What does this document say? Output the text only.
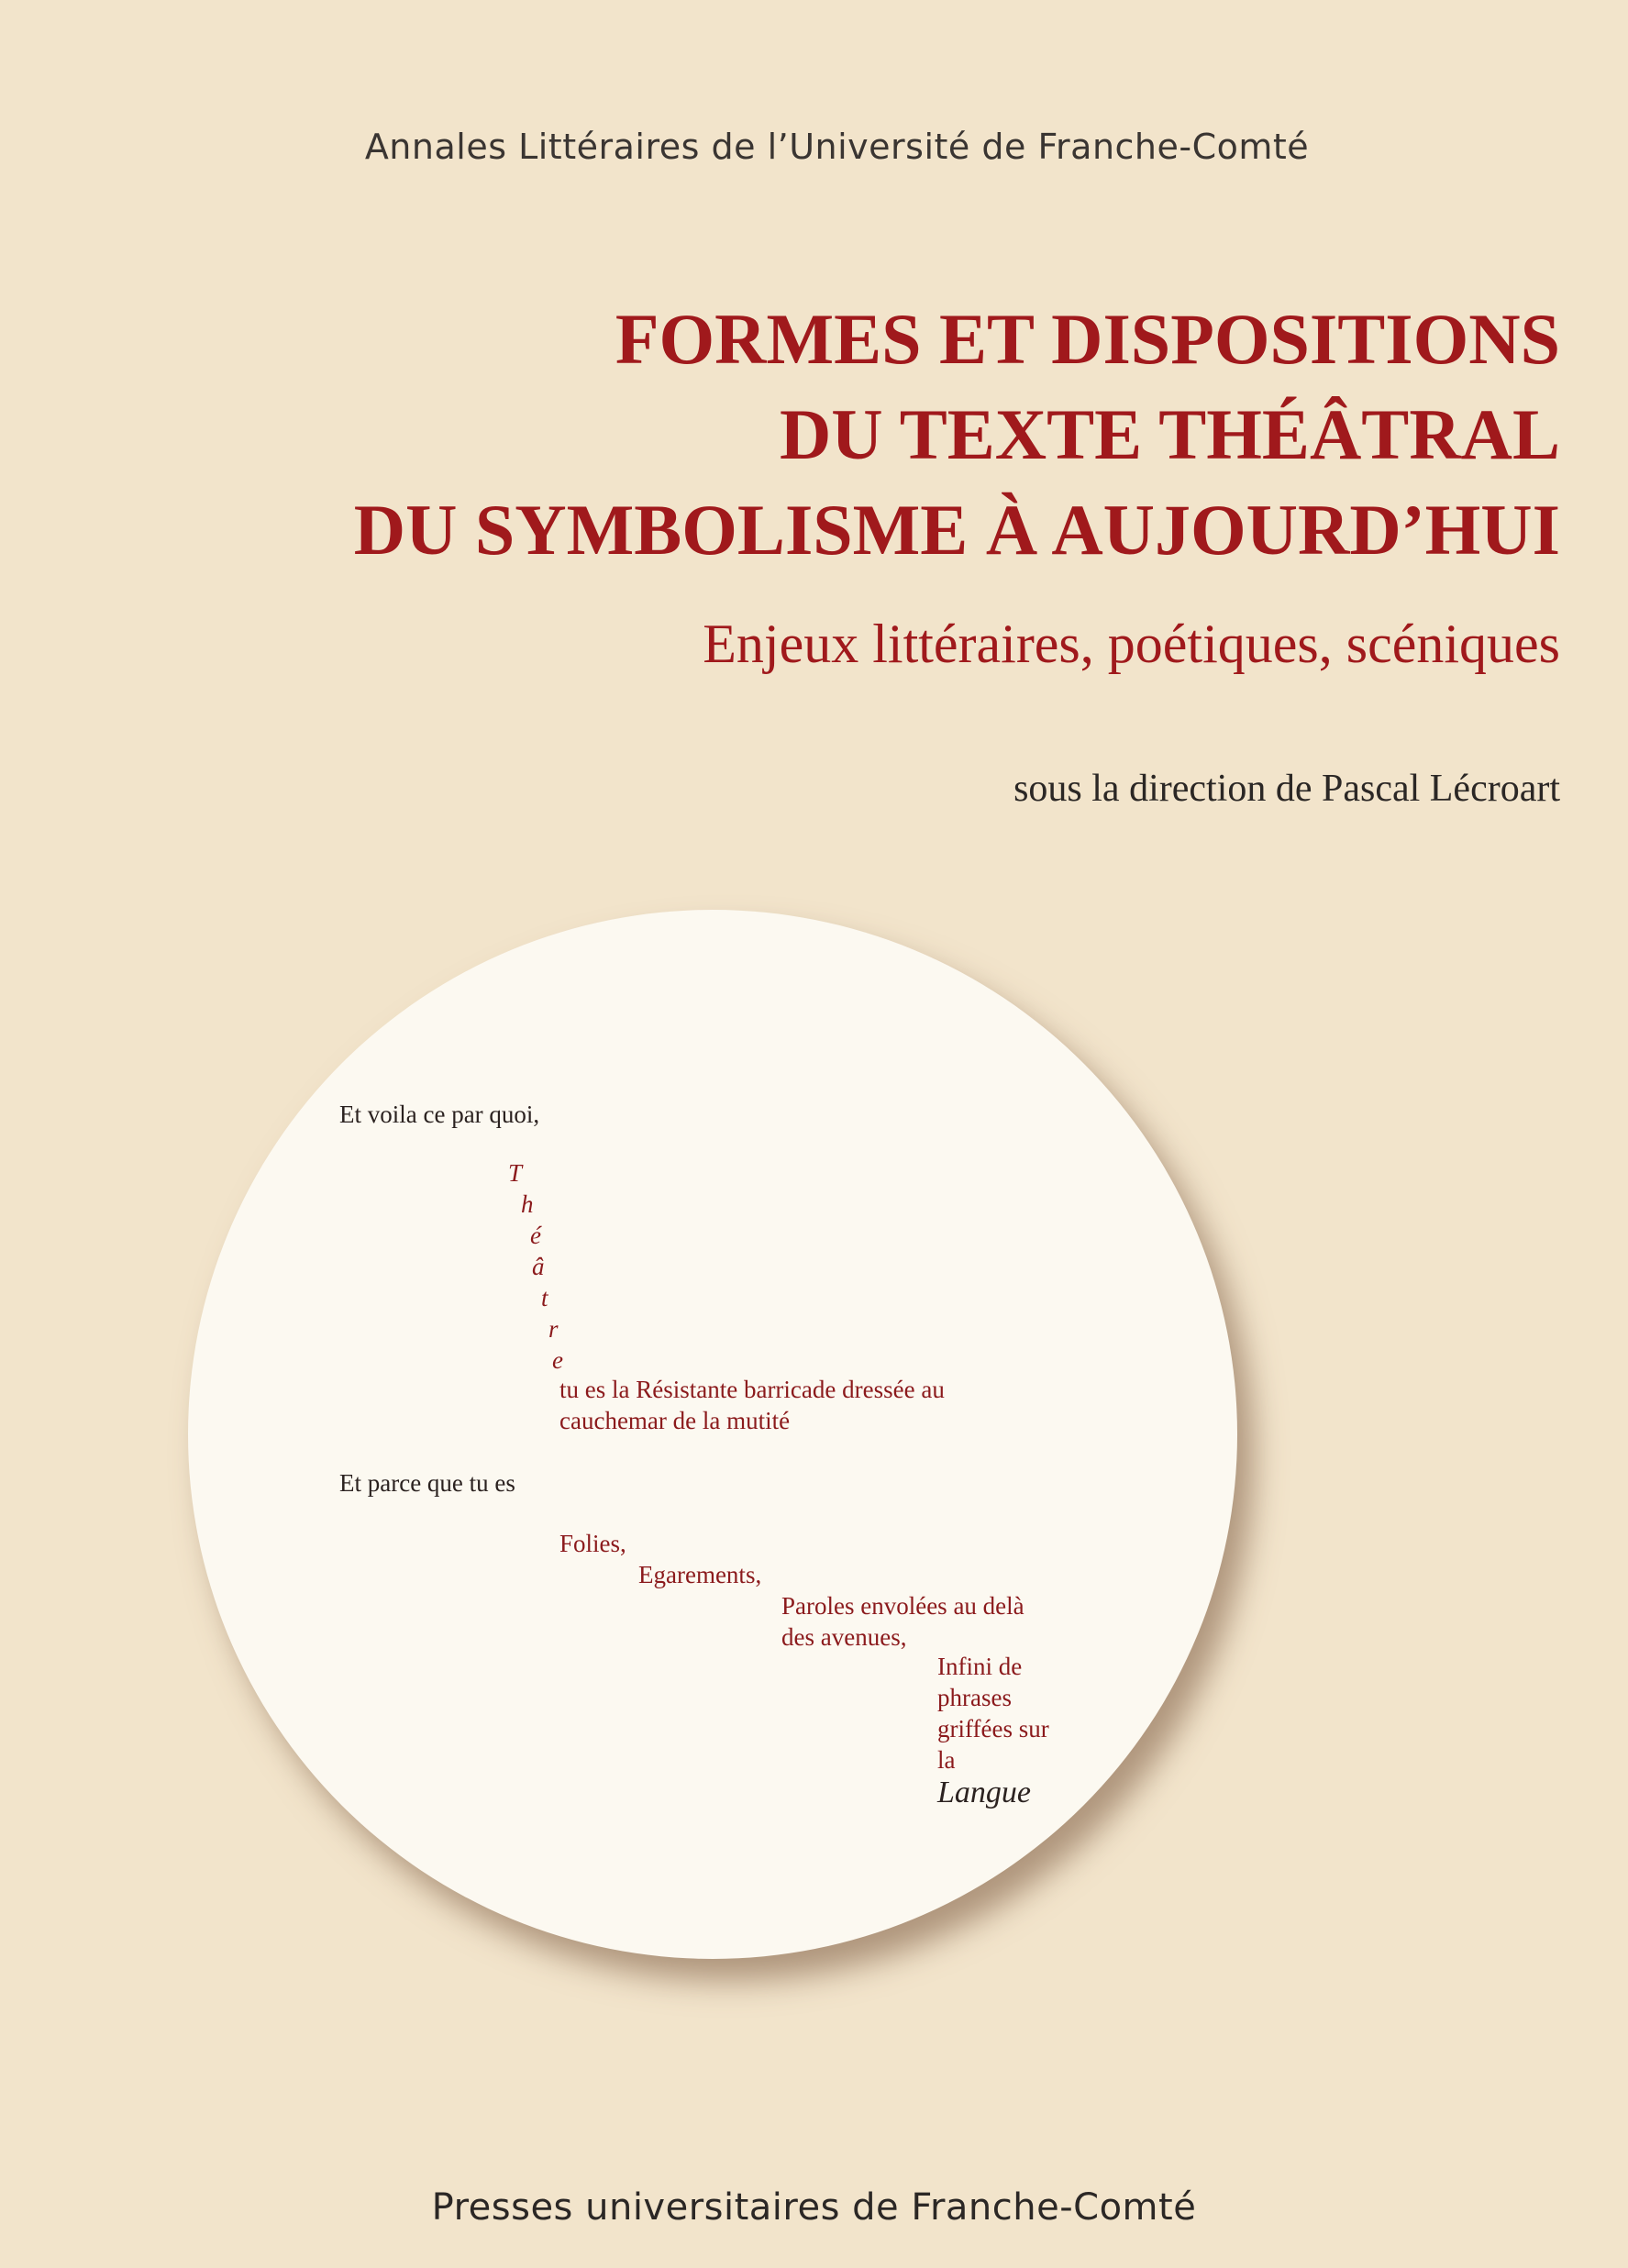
Annales Littéraires de l’Université de Franche-Comté
FORMES ET DISPOSITIONS
DU TEXTE THÉÂTRAL
DU SYMBOLISME À AUJOURD’HUI
Enjeux littéraires, poétiques, scéniques
sous la direction de Pascal Lécroart
Et voila ce par quoi,
T
h
é
â
t
r
e
tu es la Résistante barricade dressée au
cauchemar de la mutité
Et parce que tu es
Folies,
Egarements,
Paroles envolées au delà
des avenues,
Infini de
phrases
griffées sur
la
Langue
Presses universitaires de Franche-Comté
